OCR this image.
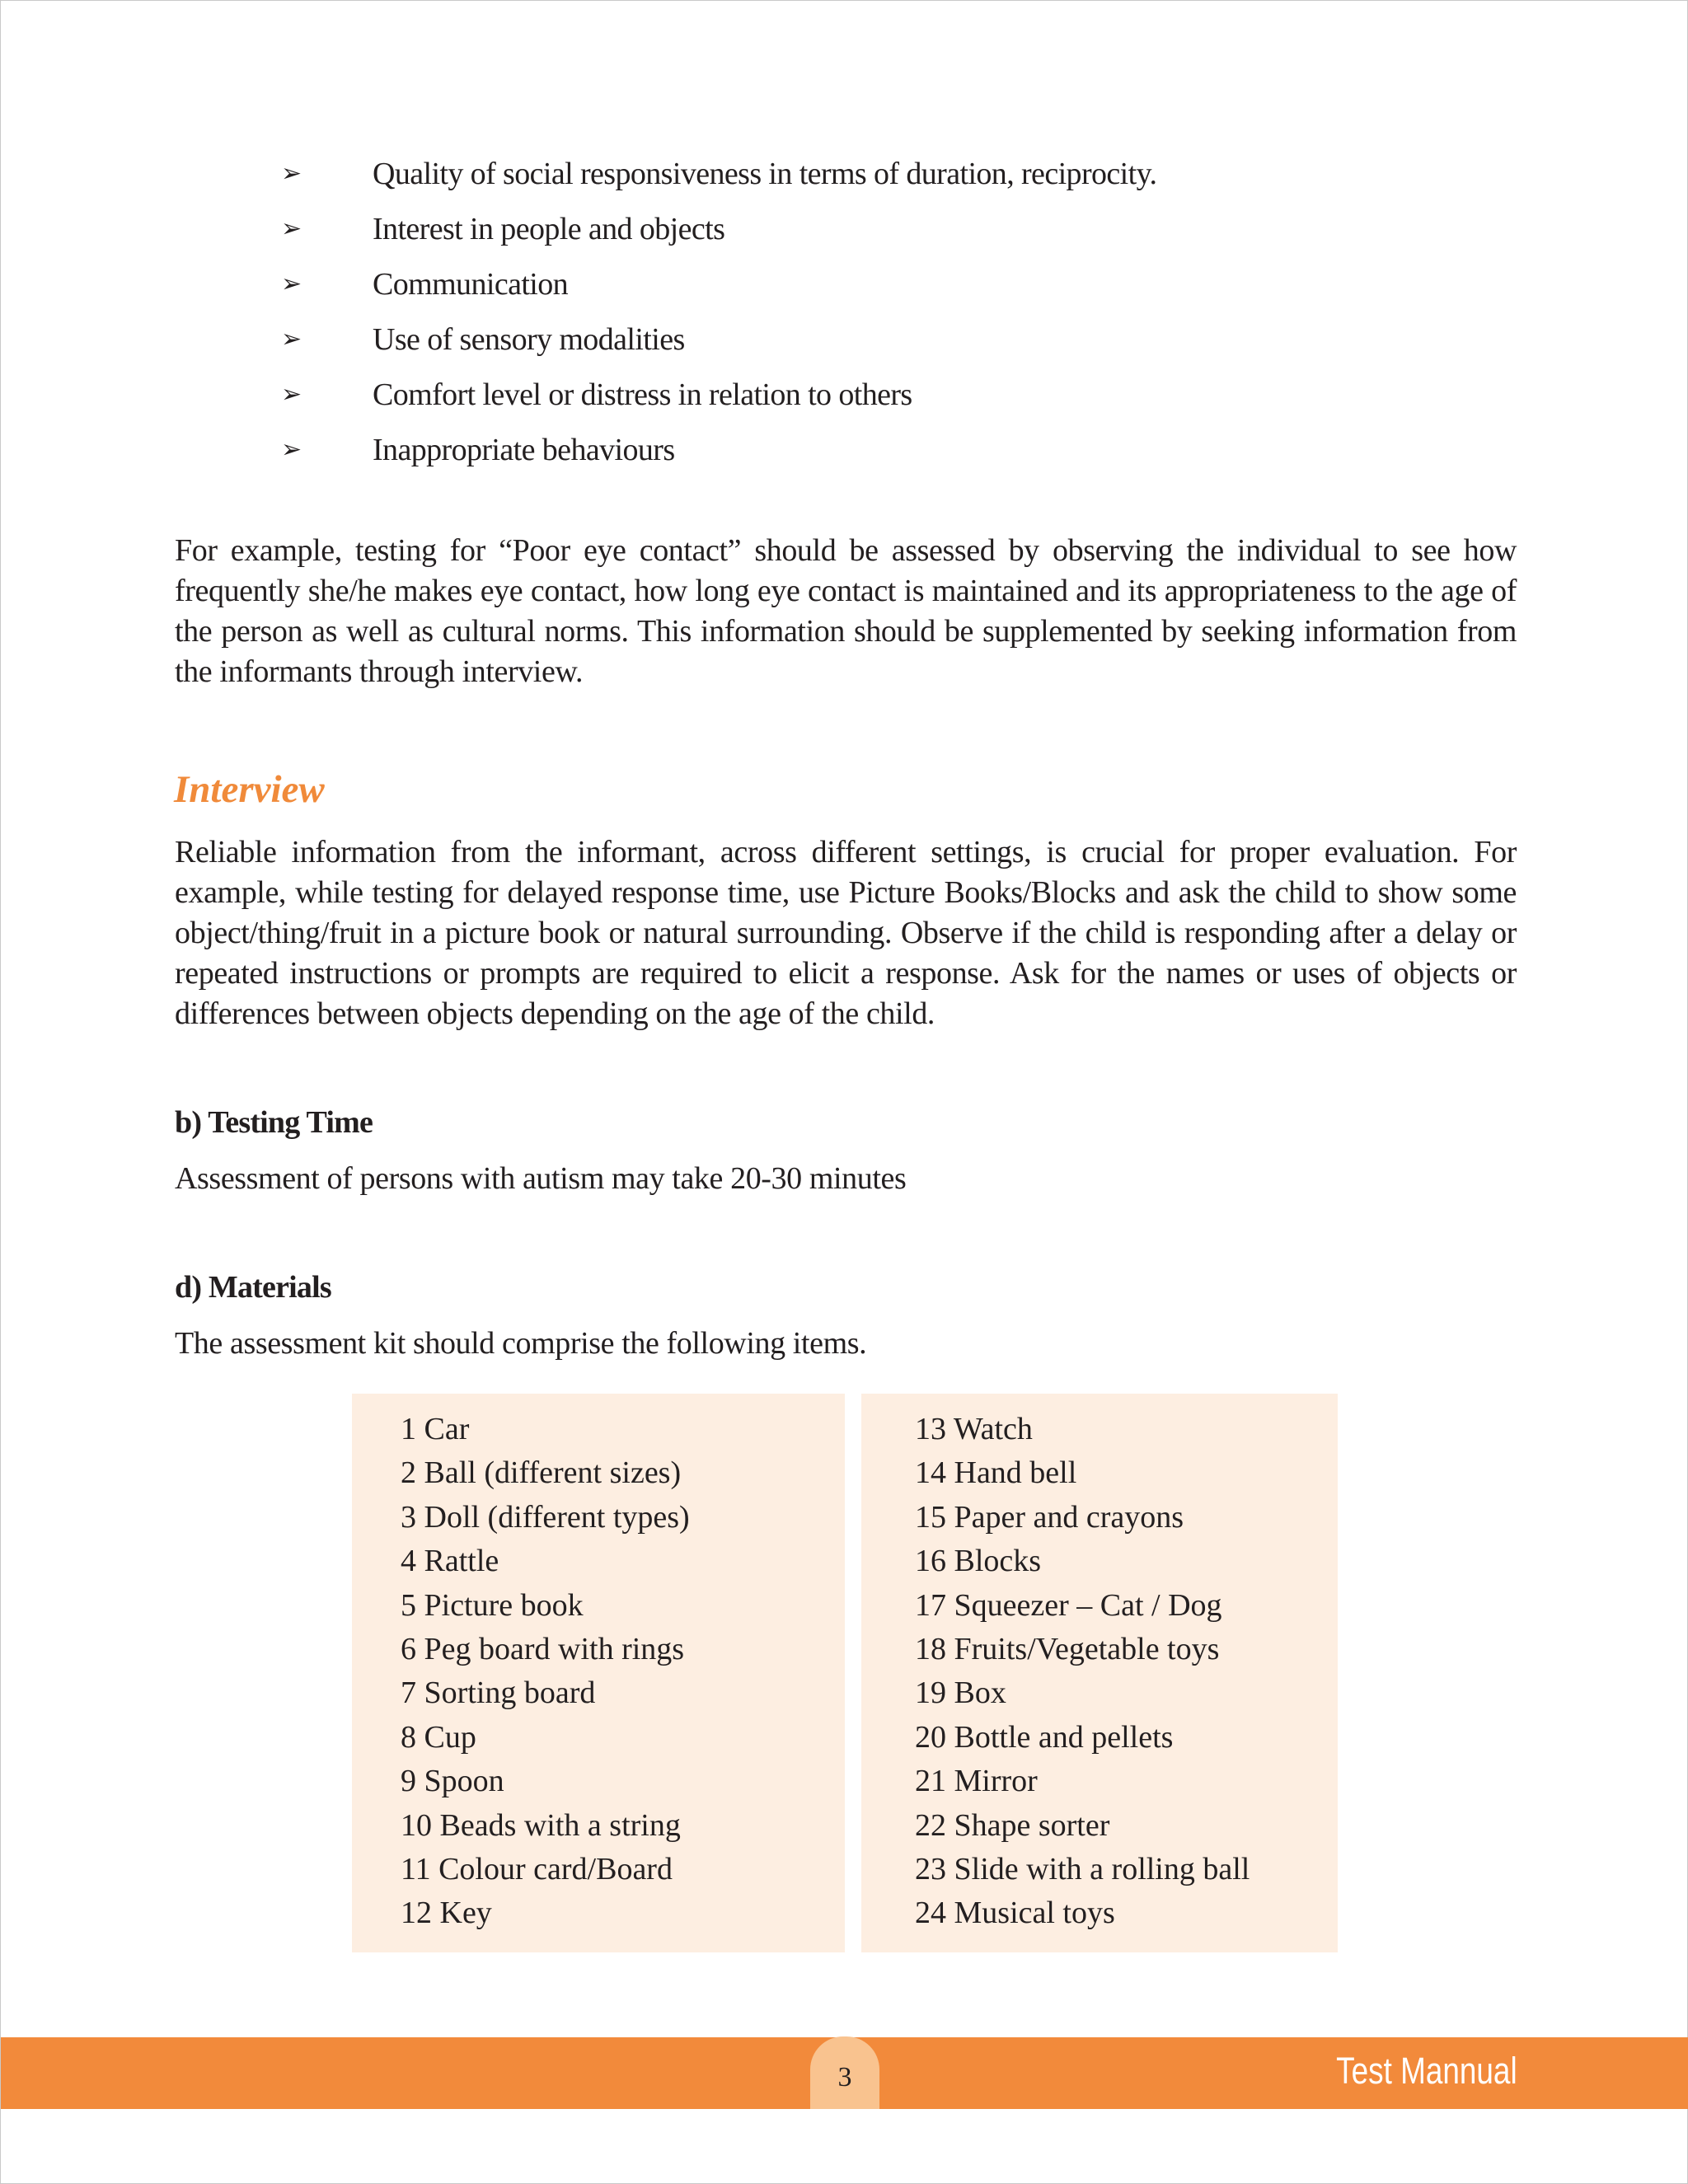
➢	Quality of social responsiveness in terms of duration, reciprocity.
➢	Interest in people and objects
➢	Communication
➢	Use of sensory modalities
➢	Comfort level or distress in relation to others
➢	Inappropriate behaviours

For example, testing for “Poor eye contact” should be assessed by observing the individual to see how frequently she/he makes eye contact, how long eye contact is maintained and its appropriateness to the age of the person as well as cultural norms. This information should be supplemented by seeking information from the informants through interview.

Interview

Reliable information from the informant, across different settings, is crucial for proper evaluation. For example, while testing for delayed response time, use Picture Books/Blocks and ask the child to show some object/thing/fruit in a picture book or natural surrounding. Observe if the child is responding after a delay or repeated instructions or prompts are required to elicit a response. Ask for the names or uses of objects or differences between objects depending on the age of the child.

b) Testing Time

Assessment of persons with autism may take 20-30 minutes

d) Materials

The assessment kit should comprise the following items.

1 Car
2 Ball (different sizes)
3 Doll (different types)
4 Rattle
5 Picture book
6 Peg board with rings
7 Sorting board
8 Cup
9 Spoon
10 Beads with a string
11 Colour card/Board
12 Key
13 Watch
14 Hand bell
15 Paper and crayons
16 Blocks
17 Squeezer – Cat / Dog
18 Fruits/Vegetable toys
19 Box
20 Bottle and pellets
21 Mirror
22 Shape sorter
23 Slide with a rolling ball
24 Musical toys
3	Test Mannual
